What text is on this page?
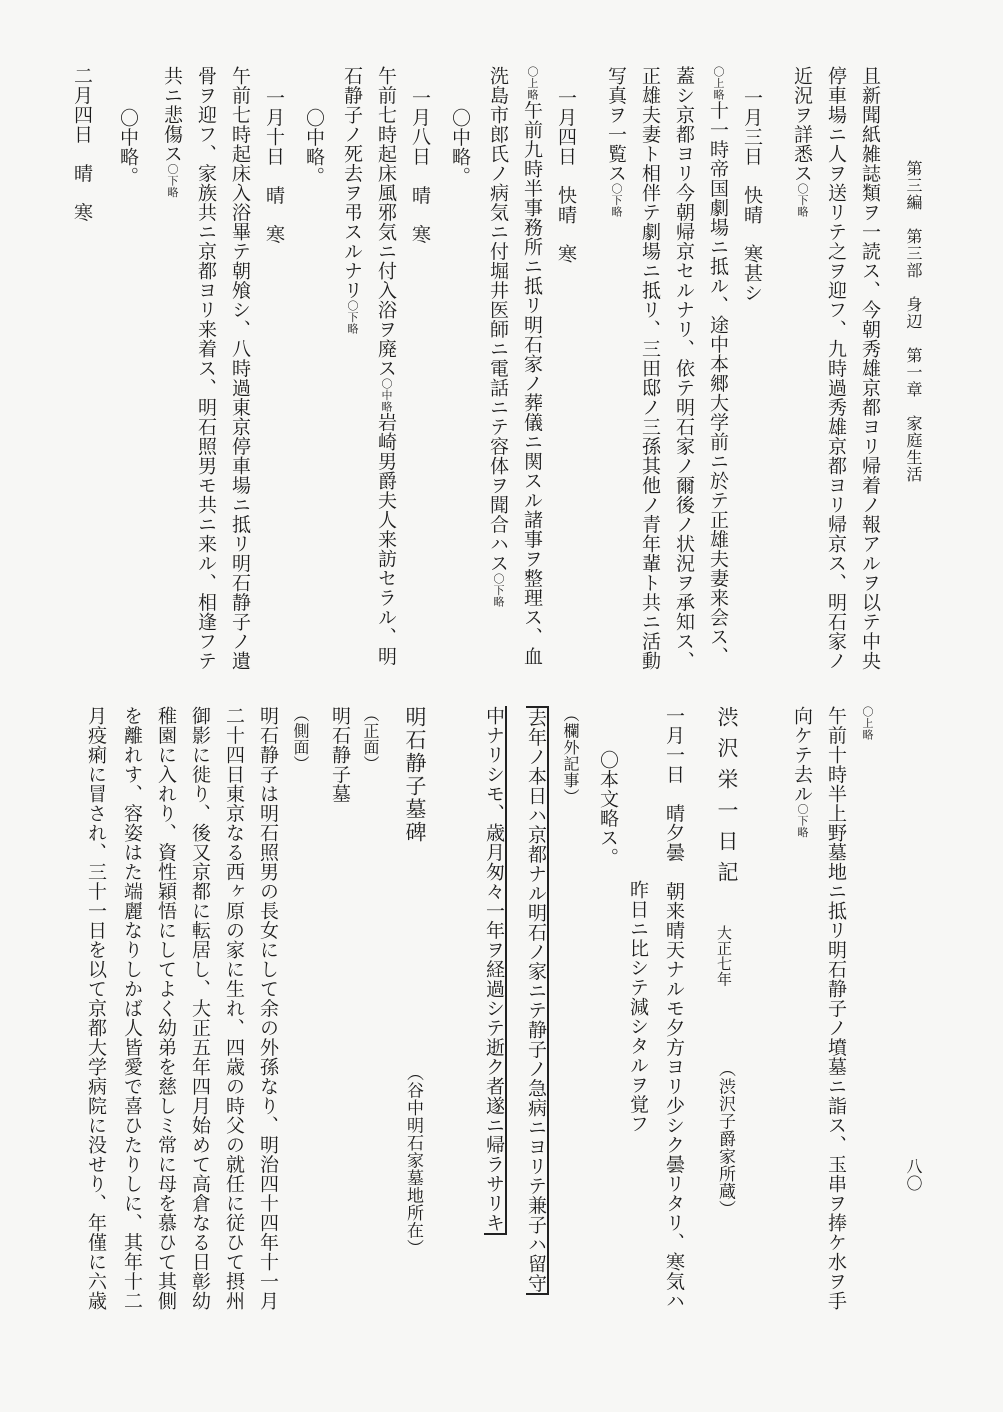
第三編　第三部　身辺　第一章　家庭生活
八〇
且新聞紙雑誌類ヲ一読ス、今朝秀雄京都ヨリ帰着ノ報アルヲ以テ中央
停車場ニ人ヲ送リテ之ヲ迎フ、九時過秀雄京都ヨリ帰京ス、明石家ノ
近況ヲ詳悉ス〇下略
一月三日　快晴　寒甚シ
〇上略十一時帝国劇場ニ抵ル、途中本郷大学前ニ於テ正雄夫妻来会ス、
蓋シ京都ヨリ今朝帰京セルナリ、依テ明石家ノ爾後ノ状況ヲ承知ス、
正雄夫妻ト相伴テ劇場ニ抵リ、三田邸ノ三孫其他ノ青年輩ト共ニ活動
写真ヲ一覧ス〇下略
一月四日　快晴　寒
〇上略午前九時半事務所ニ抵リ明石家ノ葬儀ニ関スル諸事ヲ整理ス、血
洗島市郎氏ノ病気ニ付堀井医師ニ電話ニテ容体ヲ聞合ハス〇下略
〇中略。
一月八日　晴　寒
午前七時起床風邪気ニ付入浴ヲ廃ス〇中略岩崎男爵夫人来訪セラル、明
石静子ノ死去ヲ弔スルナリ〇下略
〇中略。
一月十日　晴　寒
午前七時起床入浴畢テ朝飧シ、八時過東京停車場ニ抵リ明石静子ノ遺
骨ヲ迎フ、家族共ニ京都ヨリ来着ス、明石照男モ共ニ来ル、相逢フテ
共ニ悲傷ス〇下略
〇中略。
二月四日　晴　寒
〇上略
午前十時半上野墓地ニ抵リ明石静子ノ墳墓ニ詣ス、玉串ヲ捧ケ水ヲ手
向ケテ去ル〇下略
渋沢栄一日記
大正七年
（渋沢子爵家所蔵）
一月一日　晴夕曇　朝来晴天ナルモ夕方ヨリ少シク曇リタリ、寒気ハ
昨日ニ比シテ減シタルヲ覚フ
〇本文略ス。
（欄外記事）
去年ノ本日ハ京都ナル明石ノ家ニテ静子ノ急病ニヨリテ兼子ハ留守
中ナリシモ、歳月匆々一年ヲ経過シテ逝ク者遂ニ帰ラサリキ
明石静子墓碑
（谷中明石家墓地所在）
（正面）
明石静子墓
（側面）
明石静子は明石照男の長女にして余の外孫なり、明治四十四年十一月
二十四日東京なる西ヶ原の家に生れ、四歳の時父の就任に従ひて摂州
御影に徙り、後又京都に転居し、大正五年四月始めて高倉なる日彰幼
稚園に入れり、資性穎悟にしてよく幼弟を慈しミ常に母を慕ひて其側
を離れす、容姿はた端麗なりしかば人皆愛で喜ひたりしに、其年十二
月疫痢に冒され、三十一日を以て京都大学病院に没せり、年僅に六歳
